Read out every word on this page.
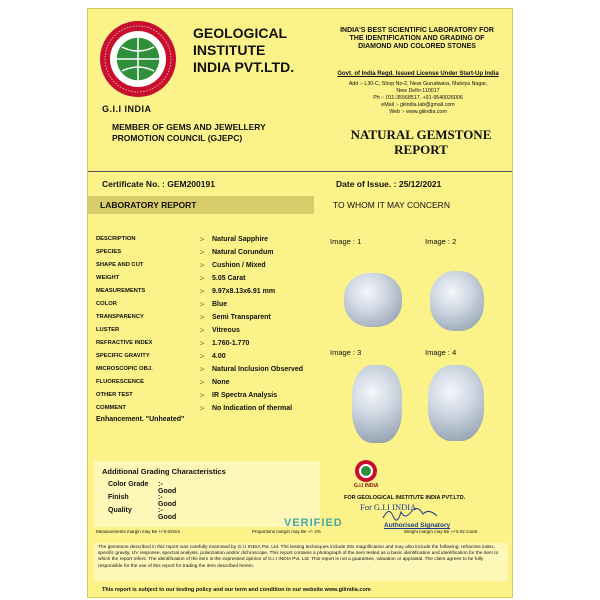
G.I.I INDIA
GEOLOGICAL
INSTITUTE
INDIA PVT.LTD.
MEMBER OF GEMS AND JEWELLERY
PROMOTION COUNCIL (GJEPC)
INDIA'S BEST SCIENTIFIC LABORATORY FOR
THE IDENTIFICATION AND GRADING OF
DIAMOND AND COLORED STONES
Govt. of India Regd. Issued License Under Start-Up India
Add :- L30-C, Shop No-2, Near Gurudwara, Malviya Nagar,
New Delhi-110017
Ph :- 011-35568517, +91-9540026006
eMail :- giiindia.lab@gmail.com
Web :- www.giiindia.com
NATURAL GEMSTONE
REPORT
Certificate No. : GEM200191	Date of Issue. : 25/12/2021
LABORATORY REPORT	TO WHOM IT MAY CONCERN
DESCRIPTION	:- Natural Sapphire
SPECIES	:- Natural Corundum
SHAPE AND CUT	:- Cushion / Mixed
WEIGHT	:- 5.05 Carat
MEASUREMENTS	:- 9.97x8.13x6.91 mm
COLOR	:- Blue
TRANSPARENCY	:- Semi Transparent
LUSTER	:- Vitreous
REFRACTIVE INDEX	:- 1.760-1.770
SPECIFIC GRAVITY	:- 4.00
MICROSCOPIC OBJ.	:- Natural Inclusion Observed
FLUORESCENCE	:- None
OTHER TEST	:- IR Spectra Analysis
COMMENT	:- No Indication of thermal
Enhancement. "Unheated"
Image : 1	Image : 2
Image : 3	Image : 4
Additional Grading Characteristics
Color Grade :- Good
Finish	:- Good
Quality	:- Good
G.I.I INDIA
FOR GEOLOGICAL INSTITUTE INDIA PVT.LTD.
For G.I.I INDIA
Authorised Signatory
VERIFIED
Measurements margin may Be +/-0.02mm	Proportions margin may Be +/- 2%	Weight margin may Be +/-0.02 Carat
The gemstone described in this report was carefully examined by G.I.I INDIA Pvt. Ltd. The testing techniques include 20x magnification and may also include the following: refractive index, specific gravity, UV response, spectral analysis, polarization and/or dichroscope. This report contains a photograph of the item tested as a basic identification and identification for the item to which the report refers. The identification of the item is the expressed opinion of G.I.I INDIA Pvt. Ltd. This report is not a guarantee, valuation or appraisal. The client agrees to be fully responsible for the use of this report for trading the item described herein.
This report is subject to our testing policy and our term and condition in our website www.giiindia.com
